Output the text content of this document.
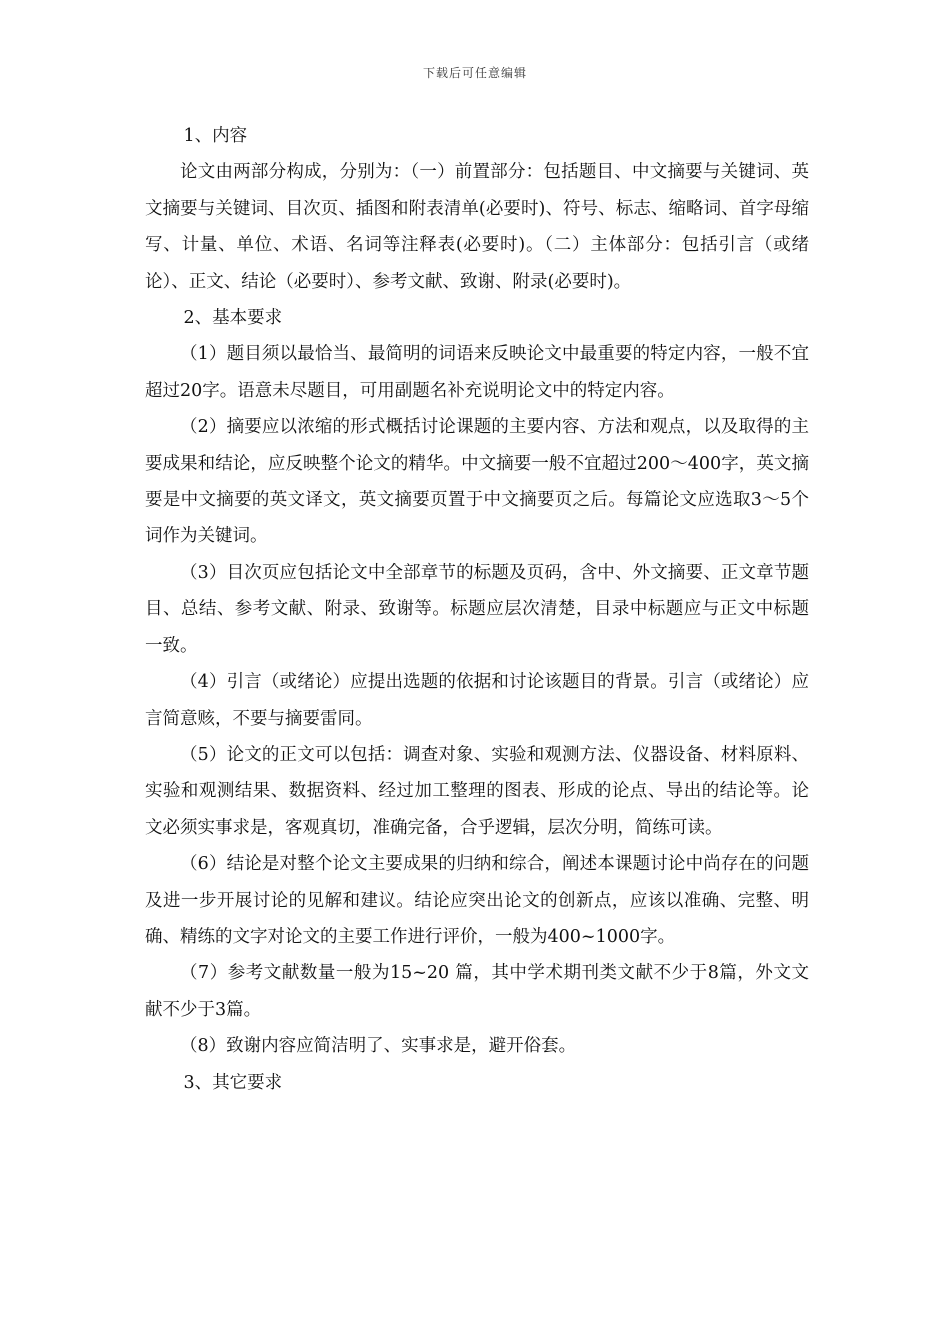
下载后可任意编辑

1、内容

论文由两部分构成，分别为：（一）前置部分：包括题目、中文摘要与关键词、英文摘要与关键词、目次页、插图和附表清单(必要时)、符号、标志、缩略词、首字母缩写、计量、单位、术语、名词等注释表(必要时)。（二）主体部分：包括引言（或绪论）、正文、结论（必要时）、参考文献、致谢、附录(必要时)。

2、基本要求

（1）题目须以最恰当、最简明的词语来反映论文中最重要的特定内容，一般不宜超过20字。语意未尽题目，可用副题名补充说明论文中的特定内容。

（2）摘要应以浓缩的形式概括讨论课题的主要内容、方法和观点，以及取得的主要成果和结论，应反映整个论文的精华。中文摘要一般不宜超过200～400字，英文摘要是中文摘要的英文译文，英文摘要页置于中文摘要页之后。每篇论文应选取3～5个词作为关键词。

（3）目次页应包括论文中全部章节的标题及页码，含中、外文摘要、正文章节题目、总结、参考文献、附录、致谢等。标题应层次清楚，目录中标题应与正文中标题一致。

（4）引言（或绪论）应提出选题的依据和讨论该题目的背景。引言（或绪论）应言简意赅，不要与摘要雷同。

（5）论文的正文可以包括：调查对象、实验和观测方法、仪器设备、材料原料、实验和观测结果、数据资料、经过加工整理的图表、形成的论点、导出的结论等。论文必须实事求是，客观真切，准确完备，合乎逻辑，层次分明，简练可读。

（6）结论是对整个论文主要成果的归纳和综合，阐述本课题讨论中尚存在的问题及进一步开展讨论的见解和建议。结论应突出论文的创新点，应该以准确、完整、明确、精练的文字对论文的主要工作进行评价，一般为400~1000字。

（7）参考文献数量一般为15~20 篇，其中学术期刊类文献不少于8篇，外文文献不少于3篇。

（8）致谢内容应简洁明了、实事求是，避开俗套。

3、其它要求
